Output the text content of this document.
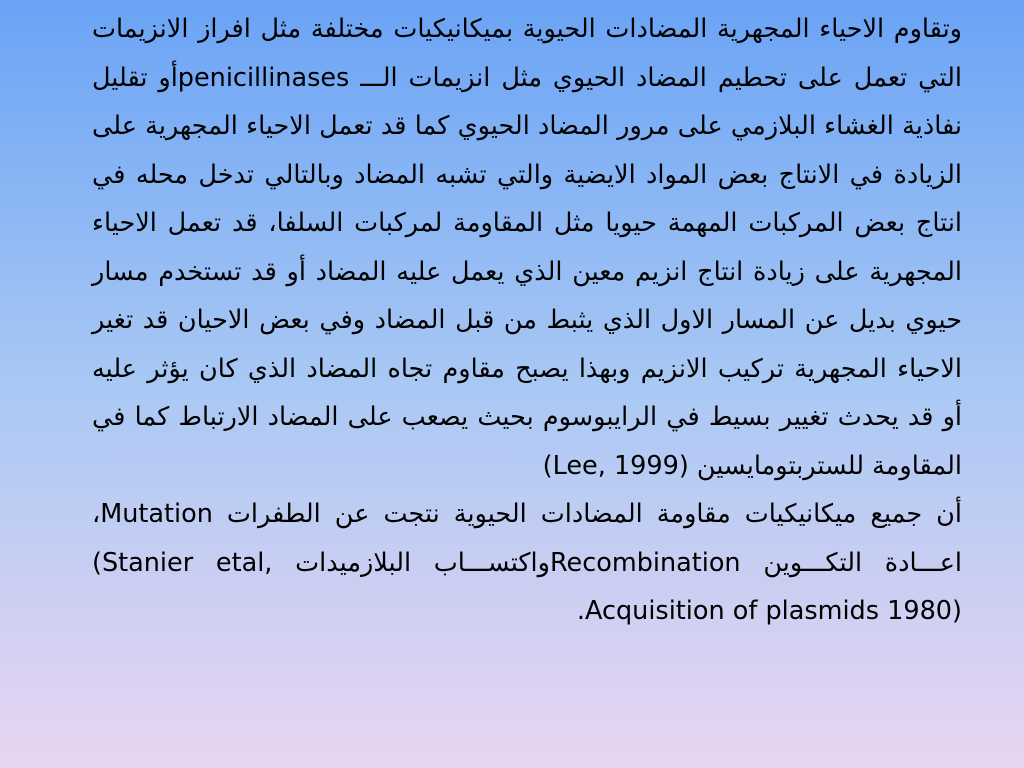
وتقاوم الاحياء المجهرية المضادات الحيوية بميكانيكيات مختلفة مثل افراز الانزيمات التي تعمل على تحطيم المضاد الحيوي مثل انزيمات الـــ penicillinasesأو تقليل نفاذية الغشاء البلازمي على مرور المضاد الحيوي كما قد تعمل الاحياء المجهرية على الزيادة في الانتاج بعض المواد الايضية والتي تشبه المضاد وبالتالي تدخل محله في انتاج بعض المركبات المهمة حيويا مثل المقاومة لمركبات السلفا، قد تعمل الاحياء المجهرية على زيادة انتاج انزيم معين الذي يعمل عليه المضاد أو قد تستخدم مسار حيوي بديل عن المسار الاول الذي يثبط من قبل المضاد وفي بعض الاحيان قد تغير الاحياء المجهرية تركيب الانزيم وبهذا يصبح مقاوم تجاه المضاد الذي كان يؤثر عليه أو قد يحدث تغيير بسيط في الرايبوسوم بحيث يصعب على المضاد الارتباط كما في المقاومة للستربتومايسين (Lee, 1999)

أن جميع ميكانيكيات مقاومة المضادات الحيوية نتجت عن الطفرات Mutation، اعـــادة التكـــوين Recombinationواكتســـاب البلازميدات (Stanier etal, 1980) Acquisition of plasmids.
